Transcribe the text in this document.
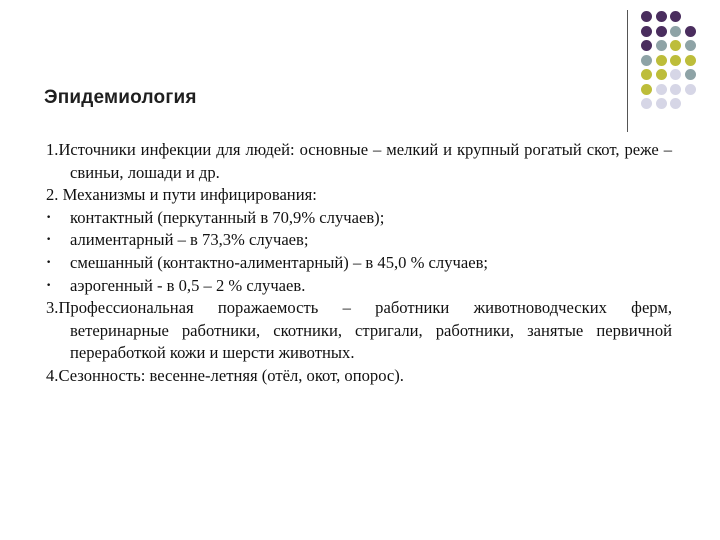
Эпидемиология

1.Источники инфекции для людей: основные – мелкий и крупный рогатый скот, реже – свиньи, лошади и др.

2. Механизмы и пути инфицирования:

• контактный (перкутанный в 70,9% случаев);
• алиментарный – в 73,3% случаев;
• смешанный (контактно-алиментарный) – в 45,0 % случаев;
• аэрогенный - в 0,5 – 2 % случаев.

3.Профессиональная поражаемость – работники животноводческих ферм, ветеринарные работники, скотники, стригали, работники, занятые первичной переработкой кожи и шерсти животных.

4.Сезонность: весенне-летняя (отёл, окот, опорос).
